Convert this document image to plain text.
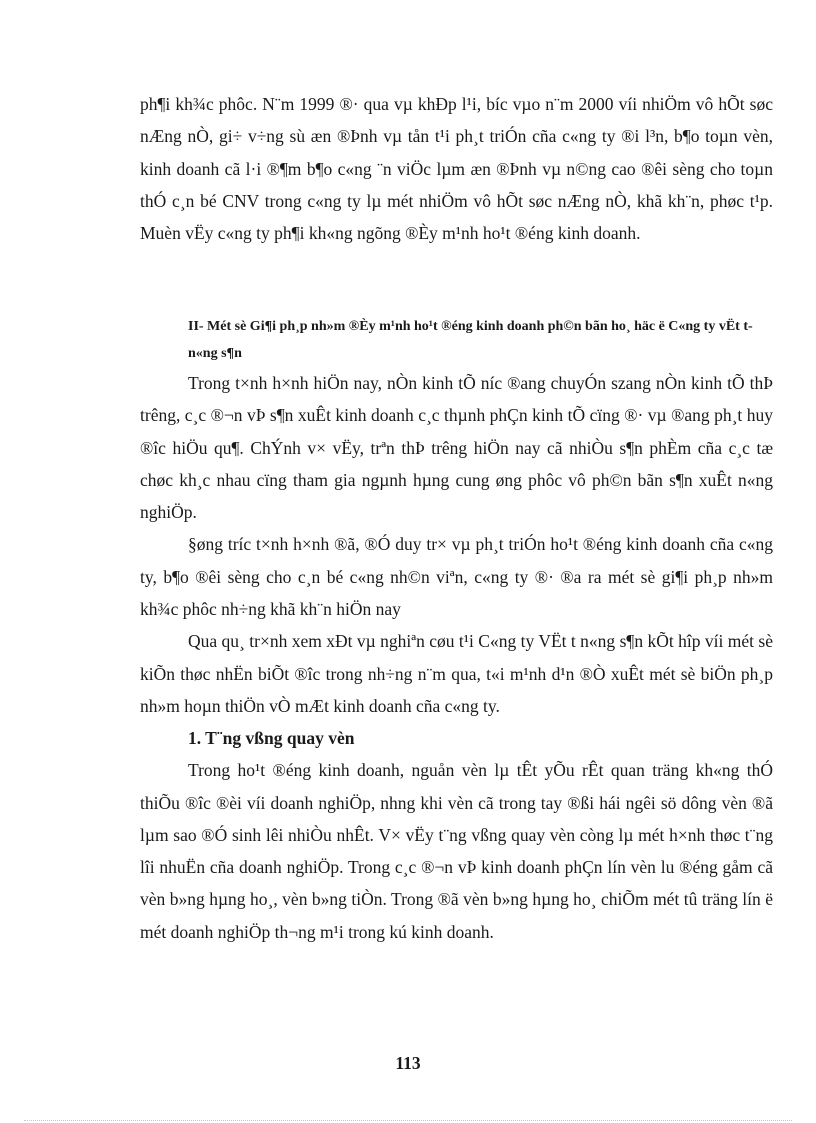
ph¶i kh¾c phôc. N¨m 1999 ®· qua vµ khÐp l¹i, bíc vµo n¨m 2000 víi nhiÖm vô hÕt søc nÆng nÒ, gi÷ v÷ng sù æn ®Þnh vµ tån t¹i ph¸t triÓn cña c«ng ty ®i l³n, b¶o toµn vèn, kinh doanh cã l·i ®¶m b¶o c«ng ¨n viÖc lµm æn ®Þnh vµ n©ng cao ®êi sèng cho toµn thÓ c¸n bé CNV trong c«ng ty lµ mét nhiÖm vô hÕt søc nÆng nÒ, khã kh¨n, phøc t¹p. Muèn vËy c«ng ty ph¶i kh«ng ngõng ®Èy m¹nh ho¹t ®éng kinh doanh.

II- Mét sè Gi¶i ph¸p nh»m ®Èy m¹nh ho¹t ®éng kinh doanh ph©n bãn ho¸ häc ë C«ng ty vËt t n«ng s¶n

Trong t×nh h×nh hiÖn nay, nÒn kinh tÕ níc ®ang chuyÓn szang nÒn kinh tÕ thÞ trêng, c¸c ®¬n vÞ s¶n xuÊt kinh doanh c¸c thµnh phÇn kinh tÕ cïng ®· vµ ®ang ph¸t huy ®îc hiÖu qu¶. ChÝnh v× vËy, trªn thÞ trêng hiÖn nay cã nhiÒu s¶n phÈm cña c¸c tæ chøc kh¸c nhau cïng tham gia ngµnh hµng cung øng phôc vô ph©n bãn s¶n xuÊt n«ng nghiÖp.

§øng tríc t×nh h×nh ®ã, ®Ó duy tr× vµ ph¸t triÓn ho¹t ®éng kinh doanh cña c«ng ty, b¶o ®êi sèng cho c¸n bé c«ng nh©n viªn, c«ng ty ®· ®a ra mét sè gi¶i ph¸p nh»m kh¾c phôc nh÷ng khã kh¨n hiÖn nay

Qua qu¸ tr×nh xem xÐt vµ nghiªn cøu t¹i C«ng ty VËt t n«ng s¶n kÕt hîp víi mét sè kiÕn thøc nhËn biÕt ®îc trong nh÷ng n¨m qua, t«i m¹nh d¹n ®Ò xuÊt mét sè biÖn ph¸p nh»m hoµn thiÖn vÒ mÆt kinh doanh cña c«ng ty.

1. T¨ng vßng quay vèn

Trong ho¹t ®éng kinh doanh, nguån vèn lµ tÊt yÕu rÊt quan träng kh«ng thÓ thiÕu ®îc ®èi víi doanh nghiÖp, nhng khi vèn cã trong tay ®ßi hái ngêi sö dông vèn ®ã lµm sao ®Ó sinh lêi nhiÒu nhÊt. V× vËy t¨ng vßng quay vèn còng lµ mét h×nh thøc t¨ng lîi nhuËn cña doanh nghiÖp. Trong c¸c ®¬n vÞ kinh doanh phÇn lín vèn lu ®éng gåm cã vèn b»ng hµng ho¸, vèn b»ng tiÒn. Trong ®ã vèn b»ng hµng ho¸ chiÕm mét tû träng lín ë mét doanh nghiÖp th¬ng m¹i trong kú kinh doanh.

113
